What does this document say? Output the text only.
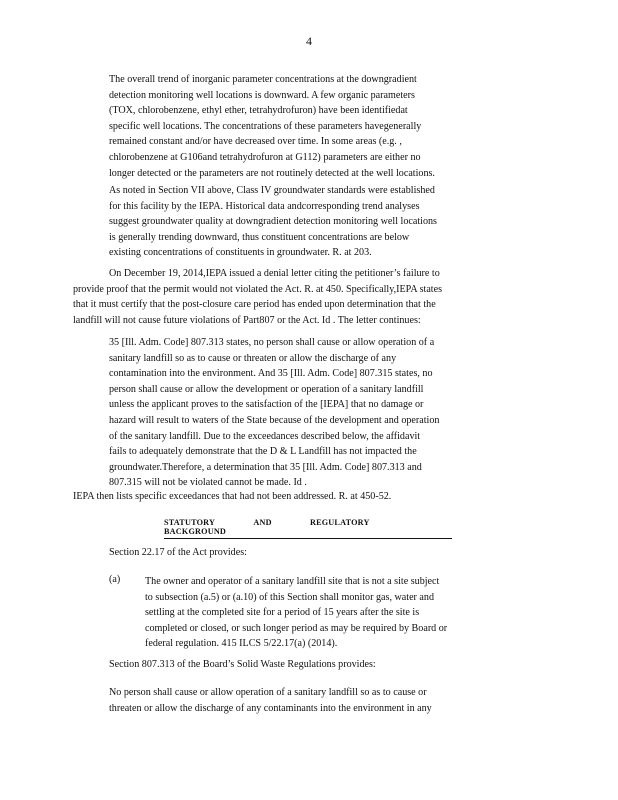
4
The overall trend of inorganic parameter concentrations at the downgradient
detection monitoring well locations is downward. A few organic parameters
(TOX, chlorobenzene, ethyl ether, tetrahydrofuron) have been identifiedat
specific well locations. The concentrations of these parameters havegenerally
remained constant and/or have decreased over time. In some areas (e.g. ,
chlorobenzene at G106and tetrahydrofuron at G112) parameters are either no
longer detected or the parameters are not routinely detected at the well locations.
As noted in Section VII above, Class IV groundwater standards were established
for this facility by the IEPA. Historical data andcorresponding trend analyses
suggest groundwater quality at downgradient detection monitoring well locations
is generally trending downward, thus constituent concentrations are below
existing concentrations of constituents in groundwater. R. at 203.
On December 19, 2014,IEPA issued a denial letter citing the petitioner’s failure to
provide proof that the permit would not violated the Act. R. at 450. Specifically,IEPA states
that it must certify that the post-closure care period has ended upon determination that the
landfill will not cause future violations of Part807 or the Act. Id . The letter continues:
35 [Ill. Adm. Code] 807.313 states, no person shall cause or allow operation of a
sanitary landfill so as to cause or threaten or allow the discharge of any
contamination into the environment. And 35 [Ill. Adm. Code] 807.315 states, no
person shall cause or allow the development or operation of a sanitary landfill
unless the applicant proves to the satisfaction of the [IEPA] that no damage or
hazard will result to waters of the State because of the development and operation
of the sanitary landfill. Due to the exceedances described below, the affidavit
fails to adequately demonstrate that the D & L Landfill has not impacted the
groundwater.Therefore, a determination that 35 [Ill. Adm. Code] 807.313 and
807.315 will not be violated cannot be made. Id .
IEPA then lists specific exceedances that had not been addressed. R. at 450-52.
STATUTORY	AND	REGULATORY BACKGROUND
Section 22.17 of the Act provides:
(a) The owner and operator of a sanitary landfill site that is not a site subject
to subsection (a.5) or (a.10) of this Section shall monitor gas, water and
settling at the completed site for a period of 15 years after the site is
completed or closed, or such longer period as may be required by Board or
federal regulation. 415 ILCS 5/22.17(a) (2014).
Section 807.313 of the Board’s Solid Waste Regulations provides:
No person shall cause or allow operation of a sanitary landfill so as to cause or
threaten or allow the discharge of any contaminants into the environment in any
